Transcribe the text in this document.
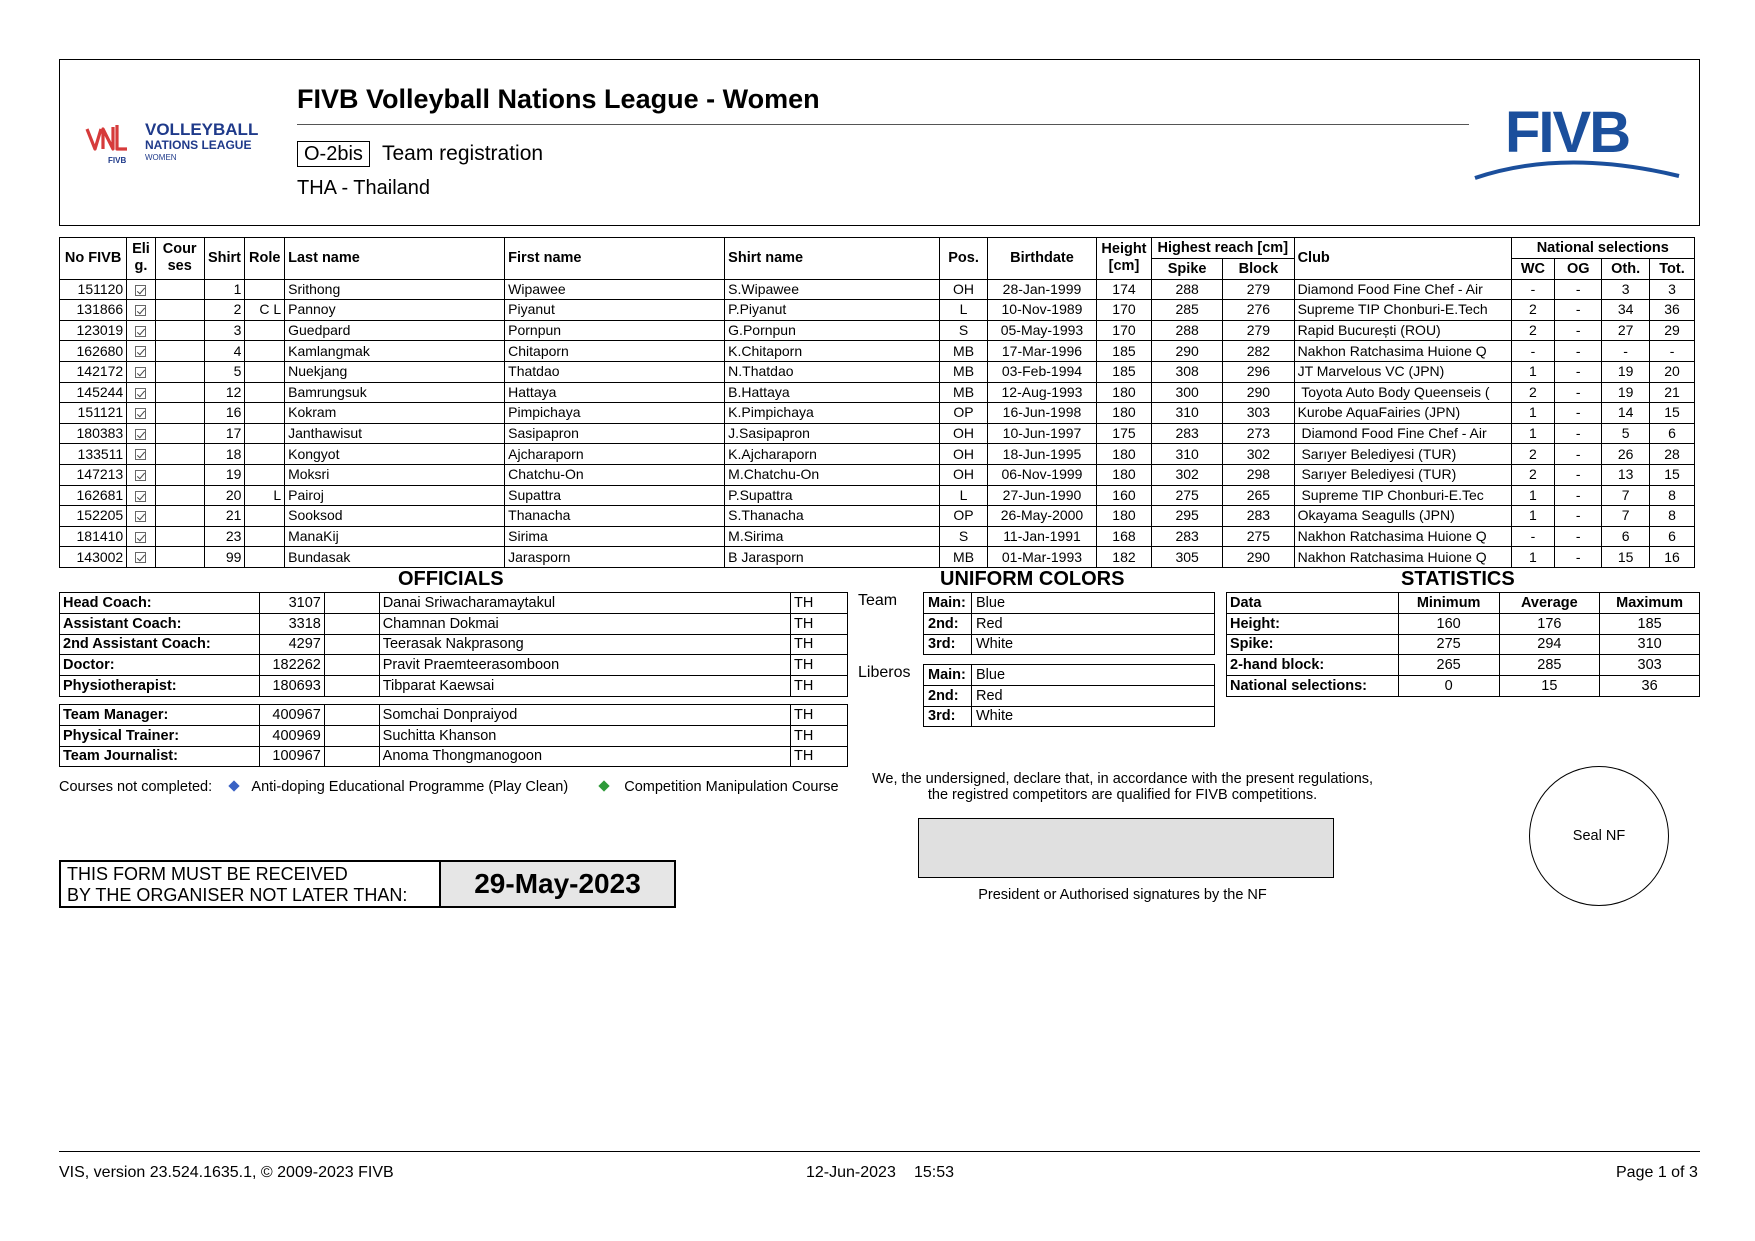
FIVB
VOLLEYBALL
NATIONS LEAGUE
WOMEN
FIVB Volleyball Nations League - Women
O-2bis Team registration
THA - Thailand
FIVB
No FIVB	Eli g.	Cour ses	Shirt	Role	Last name	First name	Shirt name	Pos.	Birthdate	Height [cm]	Highest reach [cm]		Club	National selections			
											Spike	Block		WC	OG	Oth.	Tot.
151120			1		Srithong	Wipawee	S.Wipawee	OH	28-Jan-1999	174	288	279	Diamond Food Fine Chef - Air	-	-	3	3
131866			2	C L	Pannoy	Piyanut	P.Piyanut	L	10-Nov-1989	170	285	276	Supreme TIP Chonburi-E.Tech	2	-	34	36
123019			3		Guedpard	Pornpun	G.Pornpun	S	05-May-1993	170	288	279	Rapid București (ROU)	2	-	27	29
162680			4		Kamlangmak	Chitaporn	K.Chitaporn	MB	17-Mar-1996	185	290	282	Nakhon Ratchasima Huione Q	-	-	-	-
142172			5		Nuekjang	Thatdao	N.Thatdao	MB	03-Feb-1994	185	308	296	JT Marvelous VC (JPN)	1	-	19	20
145244			12		Bamrungsuk	Hattaya	B.Hattaya	MB	12-Aug-1993	180	300	290	Toyota Auto Body Queenseis (	2	-	19	21
151121			16		Kokram	Pimpichaya	K.Pimpichaya	OP	16-Jun-1998	180	310	303	Kurobe AquaFairies (JPN)	1	-	14	15
180383			17		Janthawisut	Sasipapron	J.Sasipapron	OH	10-Jun-1997	175	283	273	Diamond Food Fine Chef - Air	1	-	5	6
133511			18		Kongyot	Ajcharaporn	K.Ajcharaporn	OH	18-Jun-1995	180	310	302	Sarıyer Belediyesi (TUR)	2	-	26	28
147213			19		Moksri	Chatchu-On	M.Chatchu-On	OH	06-Nov-1999	180	302	298	Sarıyer Belediyesi (TUR)	2	-	13	15
162681			20	L	Pairoj	Supattra	P.Supattra	L	27-Jun-1990	160	275	265	Supreme TIP Chonburi-E.Tec	1	-	7	8
152205			21		Sooksod	Thanacha	S.Thanacha	OP	26-May-2000	180	295	283	Okayama Seagulls (JPN)	1	-	7	8
181410			23		ManaKij	Sirima	M.Sirima	S	11-Jan-1991	168	283	275	Nakhon Ratchasima Huione Q	-	-	6	6
143002			99		Bundasak	Jarasporn	B Jarasporn	MB	01-Mar-1993	182	305	290	Nakhon Ratchasima Huione Q	1	-	15	16
OFFICIALS
Head Coach:	3107		Danai Sriwacharamaytakul	TH
Assistant Coach:	3318		Chamnan Dokmai	TH
2nd Assistant Coach:	4297		Teerasak Nakprasong	TH
Doctor:	182262		Pravit Praemteerasomboon	TH
Physiotherapist:	180693		Tibparat Kaewsai	TH
Team Manager:	400967		Somchai Donpraiyod	TH
Physical Trainer:	400969		Suchitta Khanson	TH
Team Journalist:	100967		Anoma Thongmanogoon	TH
Courses not completed:	Anti-doping Educational Programme (Play Clean)	Competition Manipulation Course
UNIFORM COLORS
Team
Liberos
Main:	Blue
2nd:	Red
3rd:	White
Main:	Blue
2nd:	Red
3rd:	White
STATISTICS
Data	Minimum	Average	Maximum
Height:	160	176	185
Spike:	275	294	310
2-hand block:	265	285	303
National selections:	0	15	36
We, the undersigned, declare that, in accordance with the present regulations,
the registred competitors are qualified for FIVB competitions.
President or Authorised signatures by the NF
Seal NF
THIS FORM MUST BE RECEIVED
BY THE ORGANISER NOT LATER THAN:	29-May-2023
VIS, version 23.524.1635.1, © 2009-2023 FIVB	12-Jun-2023 15:53	Page 1 of 3
